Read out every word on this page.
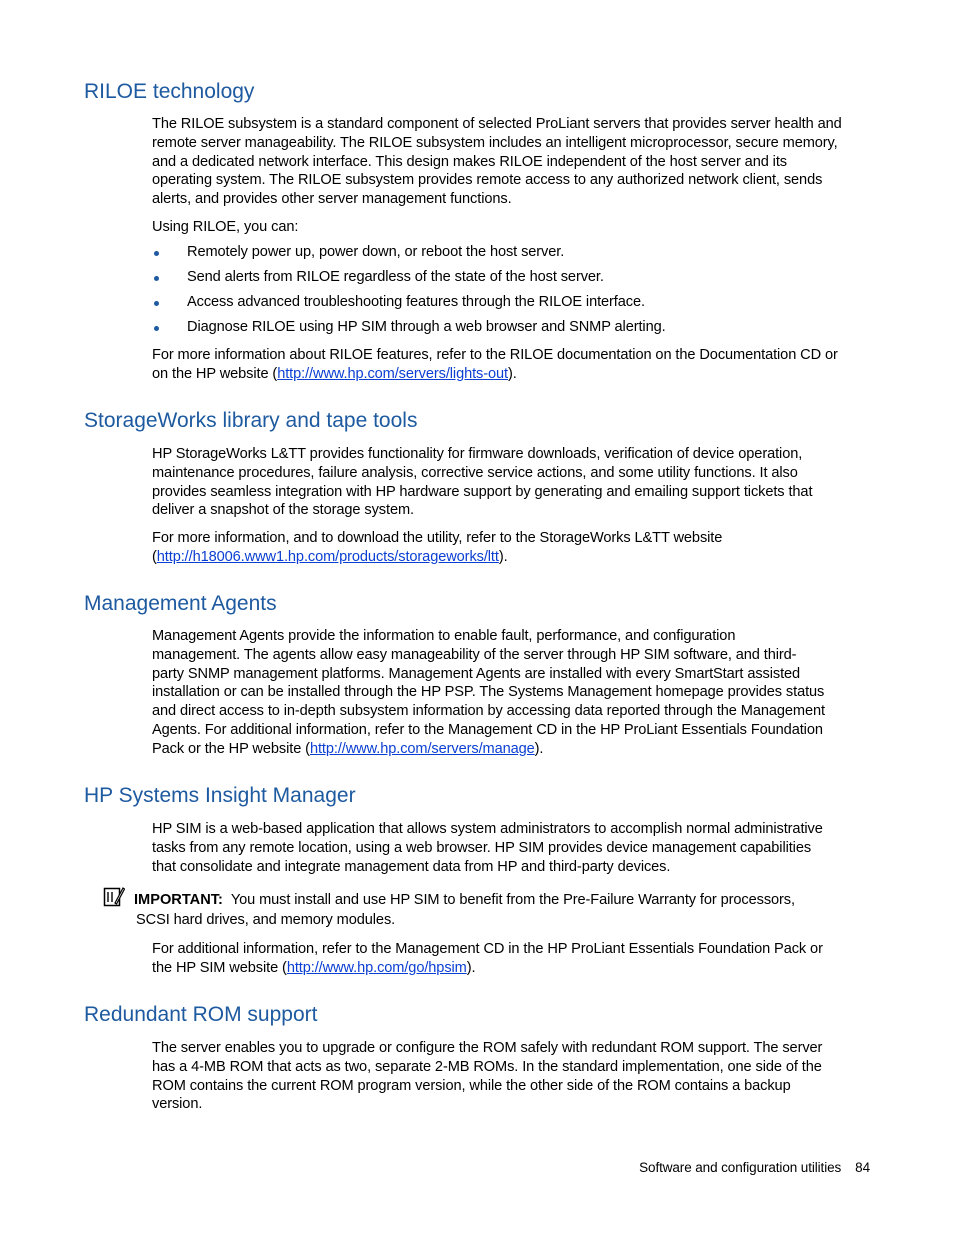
RILOE technology
The RILOE subsystem is a standard component of selected ProLiant servers that provides server health and
remote server manageability. The RILOE subsystem includes an intelligent microprocessor, secure memory,
and a dedicated network interface. This design makes RILOE independent of the host server and its
operating system. The RILOE subsystem provides remote access to any authorized network client, sends
alerts, and provides other server management functions.
Using RILOE, you can:
Remotely power up, power down, or reboot the host server.
Send alerts from RILOE regardless of the state of the host server.
Access advanced troubleshooting features through the RILOE interface.
Diagnose RILOE using HP SIM through a web browser and SNMP alerting.
For more information about RILOE features, refer to the RILOE documentation on the Documentation CD or
on the HP website (http://www.hp.com/servers/lights-out).
StorageWorks library and tape tools
HP StorageWorks L&TT provides functionality for firmware downloads, verification of device operation,
maintenance procedures, failure analysis, corrective service actions, and some utility functions. It also
provides seamless integration with HP hardware support by generating and emailing support tickets that
deliver a snapshot of the storage system.
For more information, and to download the utility, refer to the StorageWorks L&TT website
(http://h18006.www1.hp.com/products/storageworks/ltt).
Management Agents
Management Agents provide the information to enable fault, performance, and configuration
management. The agents allow easy manageability of the server through HP SIM software, and third-
party SNMP management platforms. Management Agents are installed with every SmartStart assisted
installation or can be installed through the HP PSP. The Systems Management homepage provides status
and direct access to in-depth subsystem information by accessing data reported through the Management
Agents. For additional information, refer to the Management CD in the HP ProLiant Essentials Foundation
Pack or the HP website (http://www.hp.com/servers/manage).
HP Systems Insight Manager
HP SIM is a web-based application that allows system administrators to accomplish normal administrative
tasks from any remote location, using a web browser. HP SIM provides device management capabilities
that consolidate and integrate management data from HP and third-party devices.
IMPORTANT: You must install and use HP SIM to benefit from the Pre-Failure Warranty for processors,
SCSI hard drives, and memory modules.
For additional information, refer to the Management CD in the HP ProLiant Essentials Foundation Pack or
the HP SIM website (http://www.hp.com/go/hpsim).
Redundant ROM support
The server enables you to upgrade or configure the ROM safely with redundant ROM support. The server
has a 4-MB ROM that acts as two, separate 2-MB ROMs. In the standard implementation, one side of the
ROM contains the current ROM program version, while the other side of the ROM contains a backup
version.
Software and configuration utilities 84
